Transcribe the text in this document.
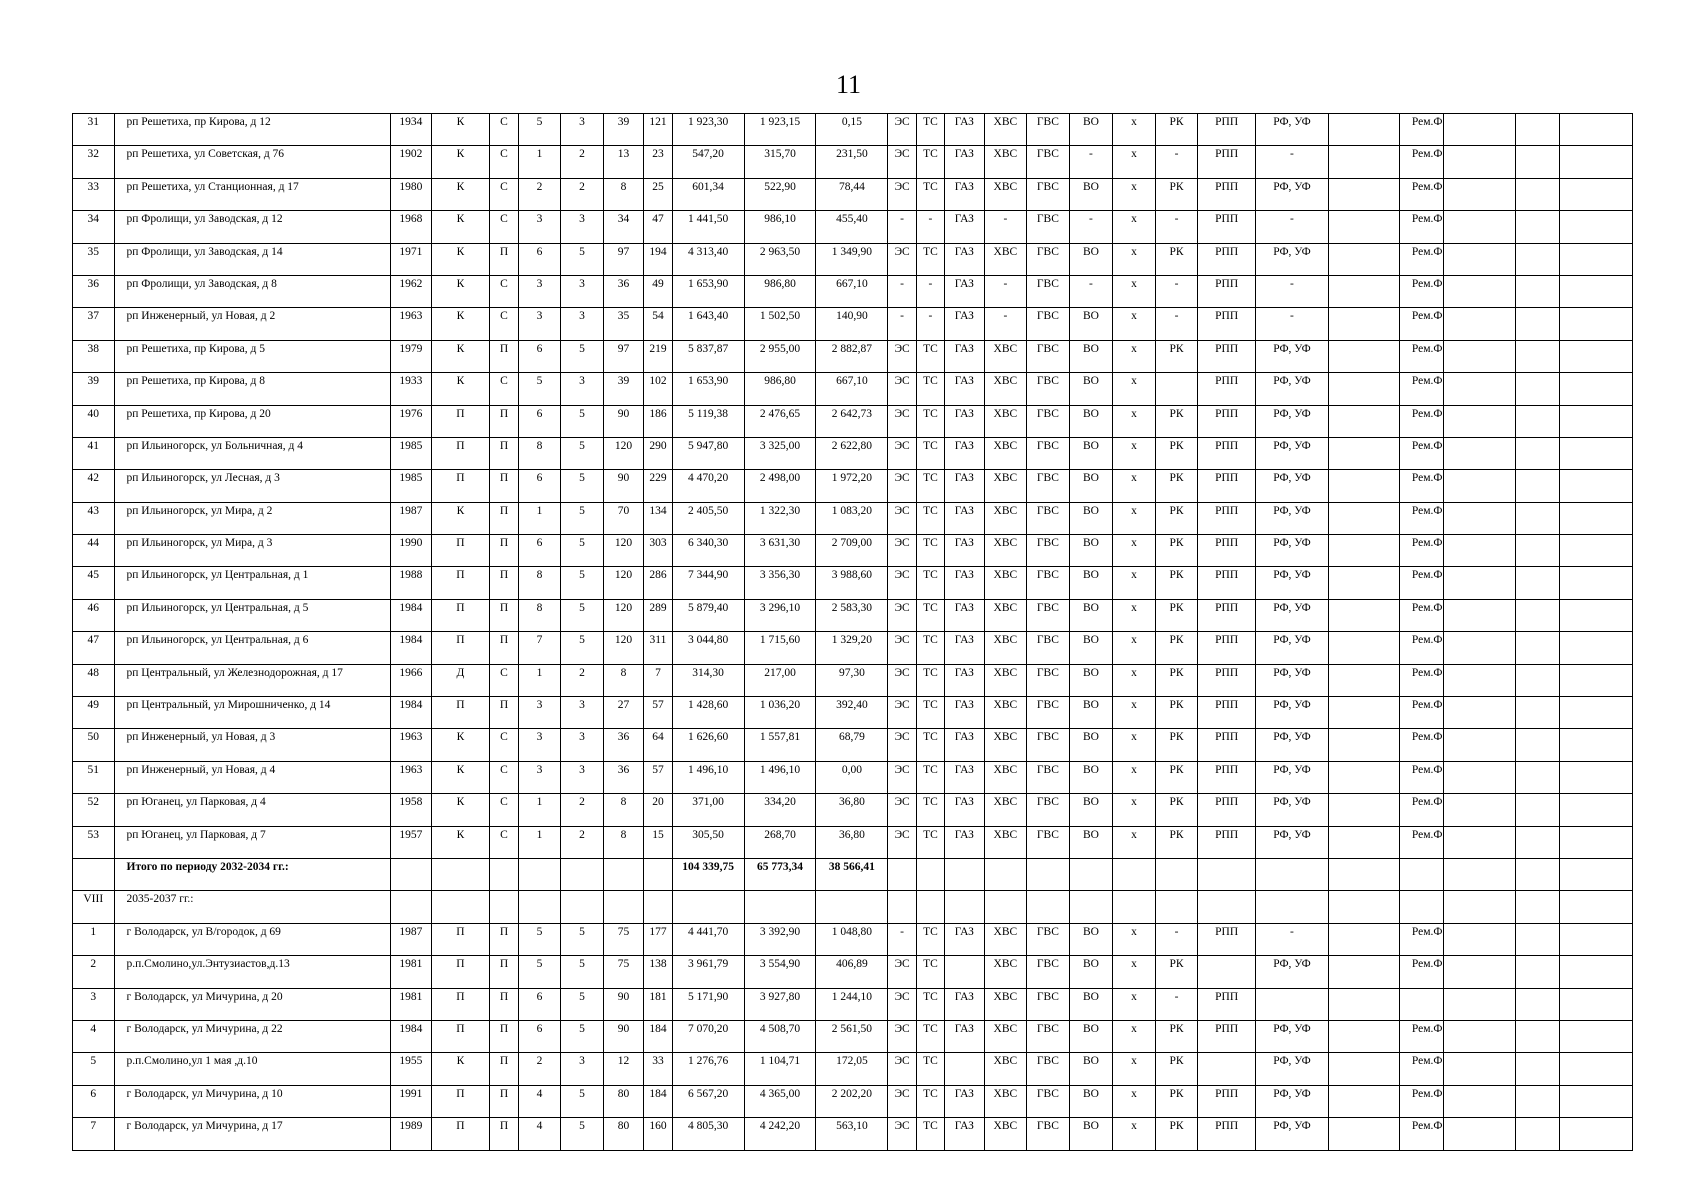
11
31	рп Решетиха, пр Кирова, д 12	1934	К	С	5	3	39	121	1 923,30	1 923,15	0,15	ЭС	ТС	ГАЗ	ХВС	ГВС	ВО	х	РК	РПП	РФ, УФ		Рем.Ф			
32	рп Решетиха, ул Советская, д 76	1902	К	С	1	2	13	23	547,20	315,70	231,50	ЭС	ТС	ГАЗ	ХВС	ГВС	-	х	-	РПП	-		Рем.Ф			
33	рп Решетиха, ул Станционная, д 17	1980	К	С	2	2	8	25	601,34	522,90	78,44	ЭС	ТС	ГАЗ	ХВС	ГВС	ВО	х	РК	РПП	РФ, УФ		Рем.Ф			
34	рп Фролищи, ул Заводская, д 12	1968	К	С	3	3	34	47	1 441,50	986,10	455,40	-	-	ГАЗ	-	ГВС	-	х	-	РПП	-		Рем.Ф			
35	рп Фролищи, ул Заводская, д 14	1971	К	П	6	5	97	194	4 313,40	2 963,50	1 349,90	ЭС	ТС	ГАЗ	ХВС	ГВС	ВО	х	РК	РПП	РФ, УФ		Рем.Ф			
36	рп Фролищи, ул Заводская, д 8	1962	К	С	3	3	36	49	1 653,90	986,80	667,10	-	-	ГАЗ	-	ГВС	-	х	-	РПП	-		Рем.Ф			
37	рп Инженерный, ул Новая, д 2	1963	К	С	3	3	35	54	1 643,40	1 502,50	140,90	-	-	ГАЗ	-	ГВС	ВО	х	-	РПП	-		Рем.Ф			
38	рп Решетиха, пр Кирова, д 5	1979	К	П	6	5	97	219	5 837,87	2 955,00	2 882,87	ЭС	ТС	ГАЗ	ХВС	ГВС	ВО	х	РК	РПП	РФ, УФ		Рем.Ф			
39	рп Решетиха, пр Кирова, д 8	1933	К	С	5	3	39	102	1 653,90	986,80	667,10	ЭС	ТС	ГАЗ	ХВС	ГВС	ВО	х		РПП	РФ, УФ		Рем.Ф			
40	рп Решетиха, пр Кирова, д 20	1976	П	П	6	5	90	186	5 119,38	2 476,65	2 642,73	ЭС	ТС	ГАЗ	ХВС	ГВС	ВО	х	РК	РПП	РФ, УФ		Рем.Ф			
41	рп Ильиногорск, ул Больничная, д 4	1985	П	П	8	5	120	290	5 947,80	3 325,00	2 622,80	ЭС	ТС	ГАЗ	ХВС	ГВС	ВО	х	РК	РПП	РФ, УФ		Рем.Ф			
42	рп Ильиногорск, ул Лесная, д 3	1985	П	П	6	5	90	229	4 470,20	2 498,00	1 972,20	ЭС	ТС	ГАЗ	ХВС	ГВС	ВО	х	РК	РПП	РФ, УФ		Рем.Ф			
43	рп Ильиногорск, ул Мира, д 2	1987	К	П	1	5	70	134	2 405,50	1 322,30	1 083,20	ЭС	ТС	ГАЗ	ХВС	ГВС	ВО	х	РК	РПП	РФ, УФ		Рем.Ф			
44	рп Ильиногорск, ул Мира, д 3	1990	П	П	6	5	120	303	6 340,30	3 631,30	2 709,00	ЭС	ТС	ГАЗ	ХВС	ГВС	ВО	х	РК	РПП	РФ, УФ		Рем.Ф			
45	рп Ильиногорск, ул Центральная, д 1	1988	П	П	8	5	120	286	7 344,90	3 356,30	3 988,60	ЭС	ТС	ГАЗ	ХВС	ГВС	ВО	х	РК	РПП	РФ, УФ		Рем.Ф			
46	рп Ильиногорск, ул Центральная, д 5	1984	П	П	8	5	120	289	5 879,40	3 296,10	2 583,30	ЭС	ТС	ГАЗ	ХВС	ГВС	ВО	х	РК	РПП	РФ, УФ		Рем.Ф			
47	рп Ильиногорск, ул Центральная, д 6	1984	П	П	7	5	120	311	3 044,80	1 715,60	1 329,20	ЭС	ТС	ГАЗ	ХВС	ГВС	ВО	х	РК	РПП	РФ, УФ		Рем.Ф			
48	рп Центральный, ул Железнодорожная, д 17	1966	Д	С	1	2	8	7	314,30	217,00	97,30	ЭС	ТС	ГАЗ	ХВС	ГВС	ВО	х	РК	РПП	РФ, УФ		Рем.Ф			
49	рп Центральный, ул Мирошниченко, д 14	1984	П	П	3	3	27	57	1 428,60	1 036,20	392,40	ЭС	ТС	ГАЗ	ХВС	ГВС	ВО	х	РК	РПП	РФ, УФ		Рем.Ф			
50	рп Инженерный, ул Новая, д 3	1963	К	С	3	3	36	64	1 626,60	1 557,81	68,79	ЭС	ТС	ГАЗ	ХВС	ГВС	ВО	х	РК	РПП	РФ, УФ		Рем.Ф			
51	рп Инженерный, ул Новая, д 4	1963	К	С	3	3	36	57	1 496,10	1 496,10	0,00	ЭС	ТС	ГАЗ	ХВС	ГВС	ВО	х	РК	РПП	РФ, УФ		Рем.Ф			
52	рп Юганец, ул Парковая, д 4	1958	К	С	1	2	8	20	371,00	334,20	36,80	ЭС	ТС	ГАЗ	ХВС	ГВС	ВО	х	РК	РПП	РФ, УФ		Рем.Ф			
53	рп Юганец, ул Парковая, д 7	1957	К	С	1	2	8	15	305,50	268,70	36,80	ЭС	ТС	ГАЗ	ХВС	ГВС	ВО	х	РК	РПП	РФ, УФ		Рем.Ф			
	Итого по периоду 2032-2034 гг.:								104 339,75	65 773,34	38 566,41															
VIII	2035-2037 гг.:																									
1	г Володарск, ул В/городок, д 69	1987	П	П	5	5	75	177	4 441,70	3 392,90	1 048,80	-	ТС	ГАЗ	ХВС	ГВС	ВО	х	-	РПП	-		Рем.Ф			
2	р.п.Смолино,ул.Энтузиастов,д.13	1981	П	П	5	5	75	138	3 961,79	3 554,90	406,89	ЭС	ТС		ХВС	ГВС	ВО	х	РК		РФ, УФ		Рем.Ф			
3	г Володарск, ул Мичурина, д 20	1981	П	П	6	5	90	181	5 171,90	3 927,80	1 244,10	ЭС	ТС	ГАЗ	ХВС	ГВС	ВО	х	-	РПП						
4	г Володарск, ул Мичурина, д 22	1984	П	П	6	5	90	184	7 070,20	4 508,70	2 561,50	ЭС	ТС	ГАЗ	ХВС	ГВС	ВО	х	РК	РПП	РФ, УФ		Рем.Ф			
5	р.п.Смолино,ул 1 мая ,д.10	1955	К	П	2	3	12	33	1 276,76	1 104,71	172,05	ЭС	ТС		ХВС	ГВС	ВО	х	РК		РФ, УФ		Рем.Ф			
6	г Володарск, ул Мичурина, д 10	1991	П	П	4	5	80	184	6 567,20	4 365,00	2 202,20	ЭС	ТС	ГАЗ	ХВС	ГВС	ВО	х	РК	РПП	РФ, УФ		Рем.Ф			
7	г Володарск, ул Мичурина, д 17	1989	П	П	4	5	80	160	4 805,30	4 242,20	563,10	ЭС	ТС	ГАЗ	ХВС	ГВС	ВО	х	РК	РПП	РФ, УФ		Рем.Ф			
